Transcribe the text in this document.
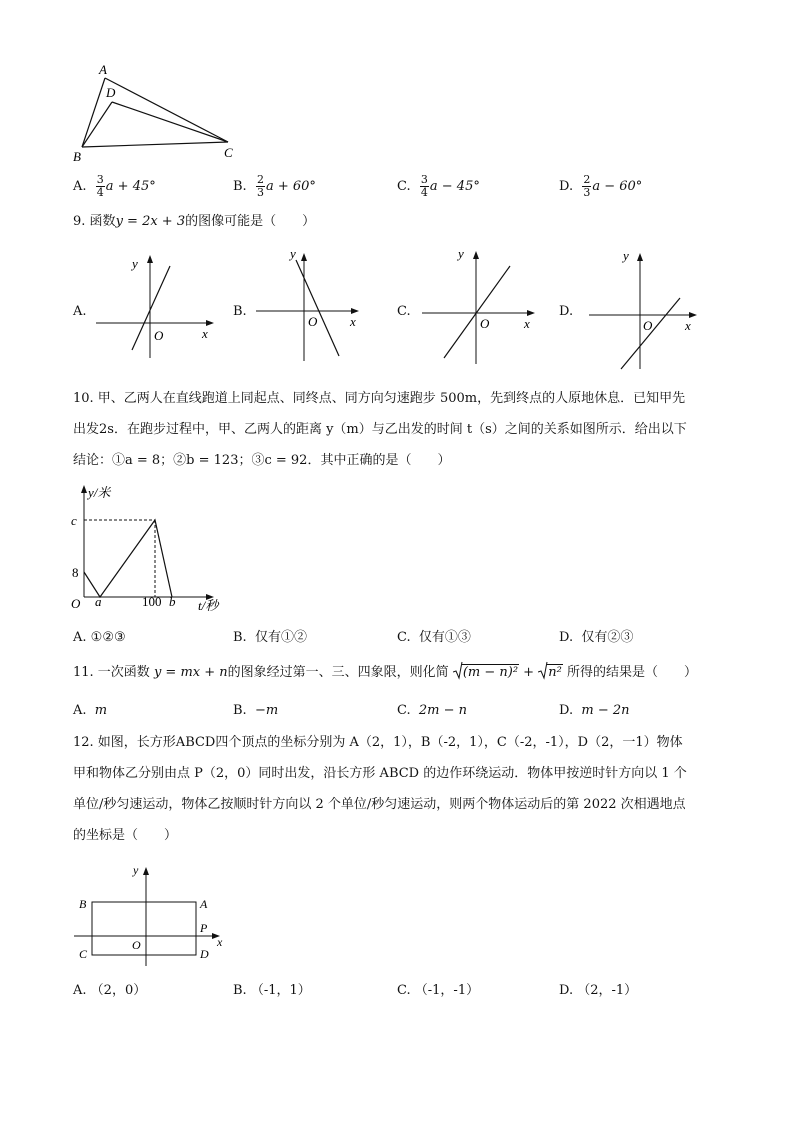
A
D
B	C
A. $\frac{3}{4}$ a + 45°	B. $\frac{2}{3}$ a + 60°	C. $\frac{3}{4}$ a − 45°	D. $\frac{2}{3}$ a − 60°
9. 函数y = 2x + 3的图像可能是（　　）
A.
y
x
O
B.
y
x
O
C.
y
x
O
D.
y
x
O
10. 甲、乙两人在直线跑道上同起点、同终点、同方向匀速跑步 500m，先到终点的人原地休息．已知甲先
出发2s．在跑步过程中，甲、乙两人的距离 y（m）与乙出发的时间 t（s）之间的关系如图所示．给出以下
结论：①a = 8；②b = 123；③c = 92．其中正确的是（　　）
y/米
c
8
O a	100 b t/秒
A. ①②③	B. 仅有①②	C. 仅有①③	D. 仅有②③
11. 一次函数 y = mx + n的图象经过第一、三、四象限，则化简 (m − n)² + n² 所得的结果是（　　）
A. m	B. −m	C. 2m − n	D. m − 2n
12. 如图，长方形ABCD四个顶点的坐标分别为 A（2，1），B（-2，1），C（-2，-1），D（2，一1）物体
甲和物体乙分别由点 P（2，0）同时出发，沿长方形 ABCD 的边作环绕运动．物体甲按逆时针方向以 1 个
单位/秒匀速运动，物体乙按顺时针方向以 2 个单位/秒匀速运动，则两个物体运动后的第 2022 次相遇地点
的坐标是（　　）
y
B	A
P
x
C
O
D
A. （2，0）	B. （-1，1）	C. （-1，-1）	D. （2，-1）
